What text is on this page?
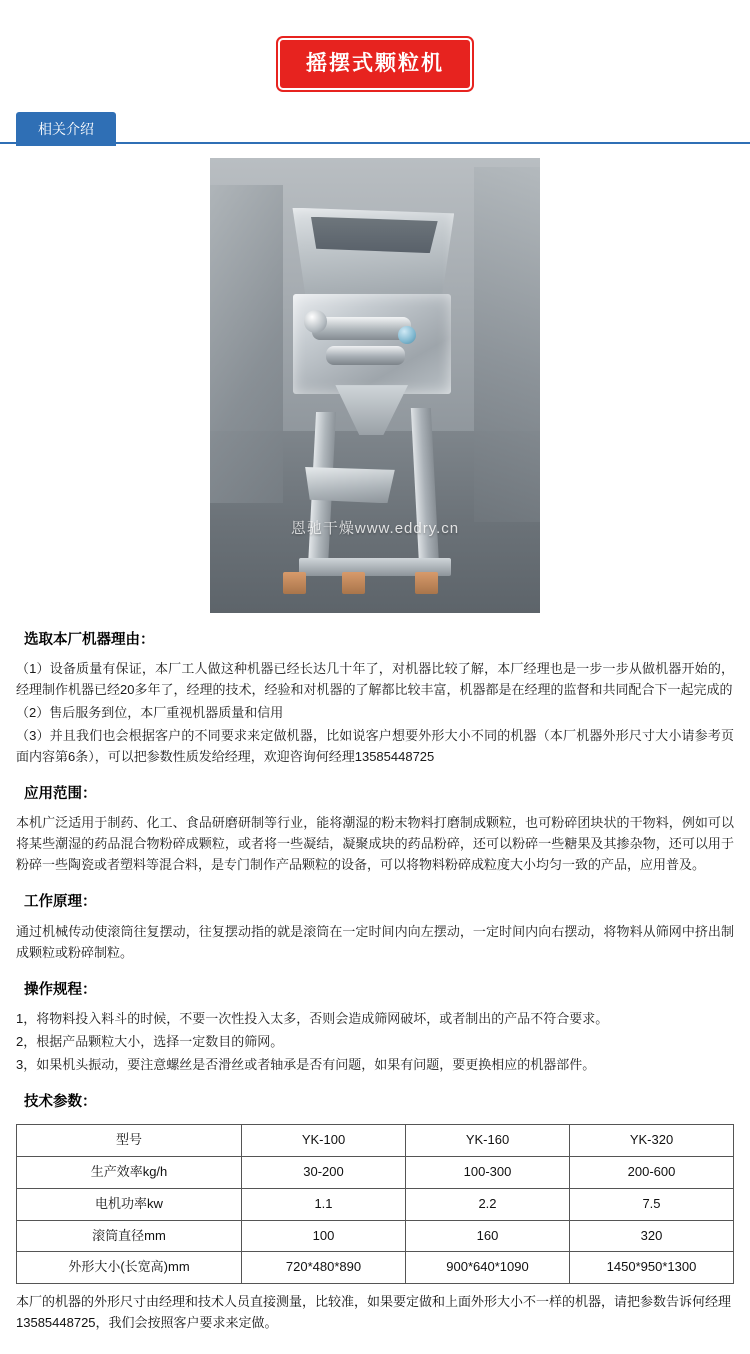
摇摆式颗粒机
相关介绍
恩驰干燥www.eddry.cn
选取本厂机器理由：

（1）设备质量有保证，本厂工人做这种机器已经长达几十年了，对机器比较了解，本厂经理也是一步一步从做机器开始的，经理制作机器已经20多年了，经理的技术，经验和对机器的了解都比较丰富，机器都是在经理的监督和共同配合下一起完成的

（2）售后服务到位，本厂重视机器质量和信用

（3）并且我们也会根据客户的不同要求来定做机器，比如说客户想要外形大小不同的机器（本厂机器外形尺寸大小请参考页面内容第6条），可以把参数性质发给经理，欢迎咨询何经理13585448725

应用范围：

本机广泛适用于制药、化工、食品研磨研制等行业，能将潮湿的粉末物料打磨制成颗粒，也可粉碎团块状的干物料，例如可以将某些潮湿的药品混合物粉碎成颗粒，或者将一些凝结，凝聚成块的药品粉碎，还可以粉碎一些糖果及其掺杂物，还可以用于粉碎一些陶瓷或者塑料等混合料，是专门制作产品颗粒的设备，可以将物料粉碎成粒度大小均匀一致的产品，应用普及。

工作原理：

通过机械传动使滚筒往复摆动，往复摆动指的就是滚筒在一定时间内向左摆动，一定时间内向右摆动，将物料从筛网中挤出制成颗粒或粉碎制粒。

操作规程：

1，将物料投入料斗的时候，不要一次性投入太多，否则会造成筛网破坏，或者制出的产品不符合要求。

2，根据产品颗粒大小，选择一定数目的筛网。

3，如果机头振动，要注意螺丝是否滑丝或者轴承是否有问题，如果有问题，要更换相应的机器部件。

技术参数：
型号	YK-100	YK-160	YK-320
生产效率kg/h	30-200	100-300	200-600
电机功率kw	1.1	2.2	7.5
滚筒直径mm	100	160	320
外形大小(长宽高)mm	720*480*890	900*640*1090	1450*950*1300

本厂的机器的外形尺寸由经理和技术人员直接测量，比较准，如果要定做和上面外形大小不一样的机器，请把参数告诉何经理13585448725，我们会按照客户要求来定做。
